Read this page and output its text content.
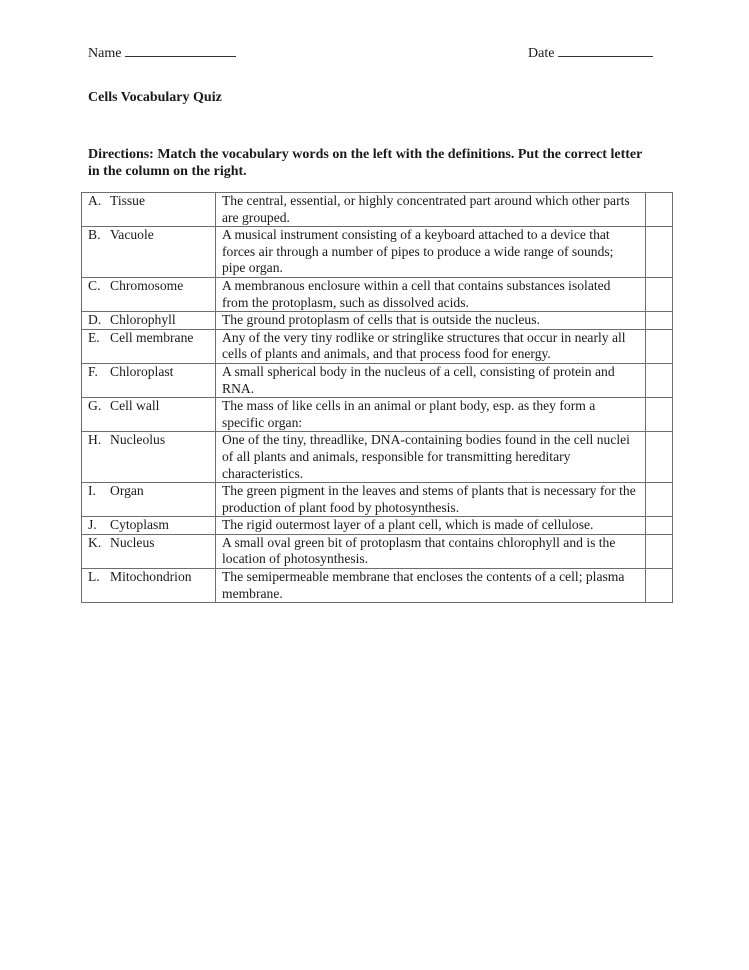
Name	Date
Cells Vocabulary Quiz
Directions: Match the vocabulary words on the left with the definitions. Put the correct letter in the column on the right.
A. Tissue	The central, essential, or highly concentrated part around which other parts are grouped.	
B. Vacuole	A musical instrument consisting of a keyboard attached to a device that forces air through a number of pipes to produce a wide range of sounds; pipe organ.	
C. Chromosome	A membranous enclosure within a cell that contains substances isolated from the protoplasm, such as dissolved acids.	
D. Chlorophyll	The ground protoplasm of cells that is outside the nucleus.	
E. Cell membrane	Any of the very tiny rodlike or stringlike structures that occur in nearly all cells of plants and animals, and that process food for energy.	
F. Chloroplast	A small spherical body in the nucleus of a cell, consisting of protein and RNA.	
G. Cell wall	The mass of like cells in an animal or plant body, esp. as they form a specific organ:	
H. Nucleolus	One of the tiny, threadlike, DNA-containing bodies found in the cell nuclei of all plants and animals, responsible for transmitting hereditary characteristics.	
I. Organ	The green pigment in the leaves and stems of plants that is necessary for the production of plant food by photosynthesis.	
J. Cytoplasm	The rigid outermost layer of a plant cell, which is made of cellulose.	
K. Nucleus	A small oval green bit of protoplasm that contains chlorophyll and is the location of photosynthesis.	
L. Mitochondrion	The semipermeable membrane that encloses the contents of a cell; plasma membrane.	
